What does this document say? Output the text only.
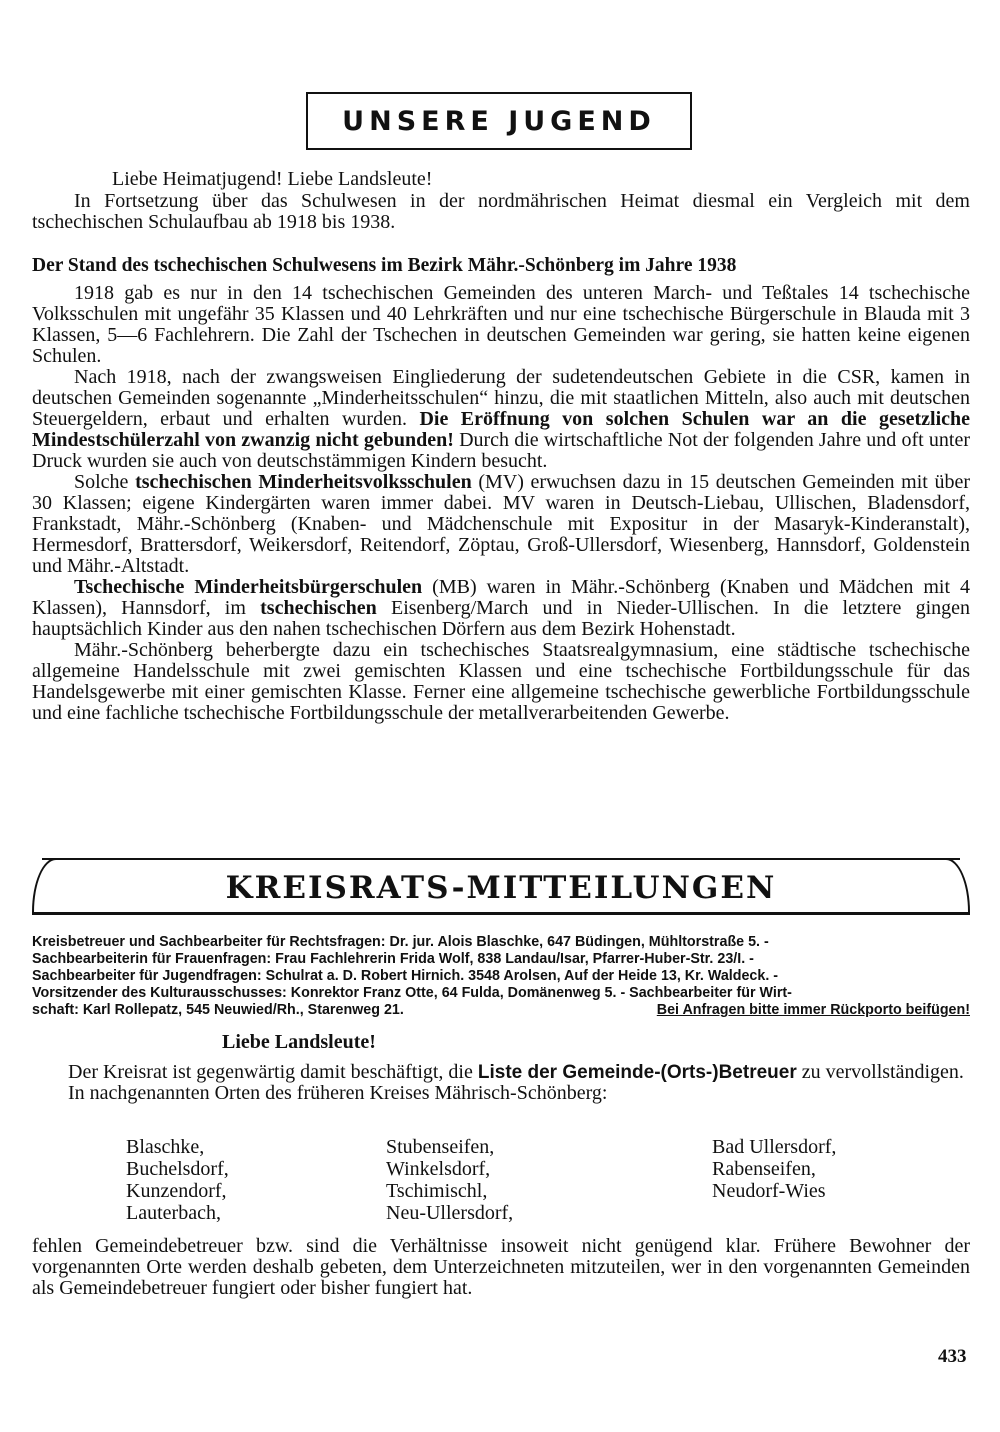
UNSERE JUGEND
Liebe Heimatjugend! Liebe Landsleute!
In Fortsetzung über das Schulwesen in der nordmährischen Heimat diesmal ein Vergleich mit dem tschechischen Schulaufbau ab 1918 bis 1938.
Der Stand des tschechischen Schulwesens im Bezirk Mähr.-Schönberg im Jahre 1938

1918 gab es nur in den 14 tschechischen Gemeinden des unteren March- und Teßtales 14 tschechische Volksschulen mit ungefähr 35 Klassen und 40 Lehrkräften und nur eine tschechische Bürgerschule in Blauda mit 3 Klassen, 5—6 Fachlehrern. Die Zahl der Tschechen in deutschen Gemeinden war gering, sie hatten keine eigenen Schulen.

Nach 1918, nach der zwangsweisen Eingliederung der sudetendeutschen Gebiete in die CSR, kamen in deutschen Gemeinden sogenannte „Minderheitsschulen“ hinzu, die mit staatlichen Mitteln, also auch mit deutschen Steuergeldern, erbaut und erhalten wurden. Die Eröffnung von solchen Schulen war an die gesetzliche Mindestschülerzahl von zwanzig nicht gebunden! Durch die wirtschaftliche Not der folgenden Jahre und oft unter Druck wurden sie auch von deutschstämmigen Kindern besucht.

Solche tschechischen Minderheitsvolksschulen (MV) erwuchsen dazu in 15 deutschen Gemeinden mit über 30 Klassen; eigene Kindergärten waren immer dabei. MV waren in Deutsch-Liebau, Ullischen, Bladensdorf, Frankstadt, Mähr.-Schönberg (Knaben- und Mädchenschule mit Expositur in der Masaryk-Kinderanstalt), Hermesdorf, Brattersdorf, Weikersdorf, Reitendorf, Zöptau, Groß-Ullersdorf, Wiesenberg, Hannsdorf, Goldenstein und Mähr.-Altstadt.

Tschechische Minderheitsbürgerschulen (MB) waren in Mähr.-Schönberg (Knaben und Mädchen mit 4 Klassen), Hannsdorf, im tschechischen Eisenberg/March und in Nieder-Ullischen. In die letztere gingen hauptsächlich Kinder aus den nahen tschechischen Dörfern aus dem Bezirk Hohenstadt.

Mähr.-Schönberg beherbergte dazu ein tschechisches Staatsrealgymnasium, eine städtische tschechische allgemeine Handelsschule mit zwei gemischten Klassen und eine tschechische Fortbildungsschule für das Handelsgewerbe mit einer gemischten Klasse. Ferner eine allgemeine tschechische gewerbliche Fortbildungsschule und eine fachliche tschechische Fortbildungsschule der metallverarbeitenden Gewerbe.

KREISRATS-MITTEILUNGEN
Kreisbetreuer und Sachbearbeiter für Rechtsfragen: Dr. jur. Alois Blaschke, 647 Büdingen, Mühltorstraße 5. -
Sachbearbeiterin für Frauenfragen: Frau Fachlehrerin Frida Wolf, 838 Landau/Isar, Pfarrer-Huber-Str. 23/I. -
Sachbearbeiter für Jugendfragen: Schulrat a. D. Robert Hirnich. 3548 Arolsen, Auf der Heide 13, Kr. Waldeck. -
Vorsitzender des Kulturausschusses: Konrektor Franz Otte, 64 Fulda, Domänenweg 5. - Sachbearbeiter für Wirt-
schaft: Karl Rollepatz, 545 Neuwied/Rh., Starenweg 21.	Bei Anfragen bitte immer Rückporto beifügen!
Liebe Landsleute!

Der Kreisrat ist gegenwärtig damit beschäftigt, die Liste der Gemeinde-(Orts-)Betreuer zu vervollständigen.

In nachgenannten Orten des früheren Kreises Mährisch-Schönberg:

Blaschke,
Buchelsdorf,
Kunzendorf,
Lauterbach,
Stubenseifen,
Winkelsdorf,
Tschimischl,
Neu-Ullersdorf,
Bad Ullersdorf,
Rabenseifen,
Neudorf-Wies
fehlen Gemeindebetreuer bzw. sind die Verhältnisse insoweit nicht genügend klar. Frühere Bewohner der vorgenannten Orte werden deshalb gebeten, dem Unterzeichneten mitzuteilen, wer in den vorgenannten Gemeinden als Gemeindebetreuer fungiert oder bisher fungiert hat.
433
